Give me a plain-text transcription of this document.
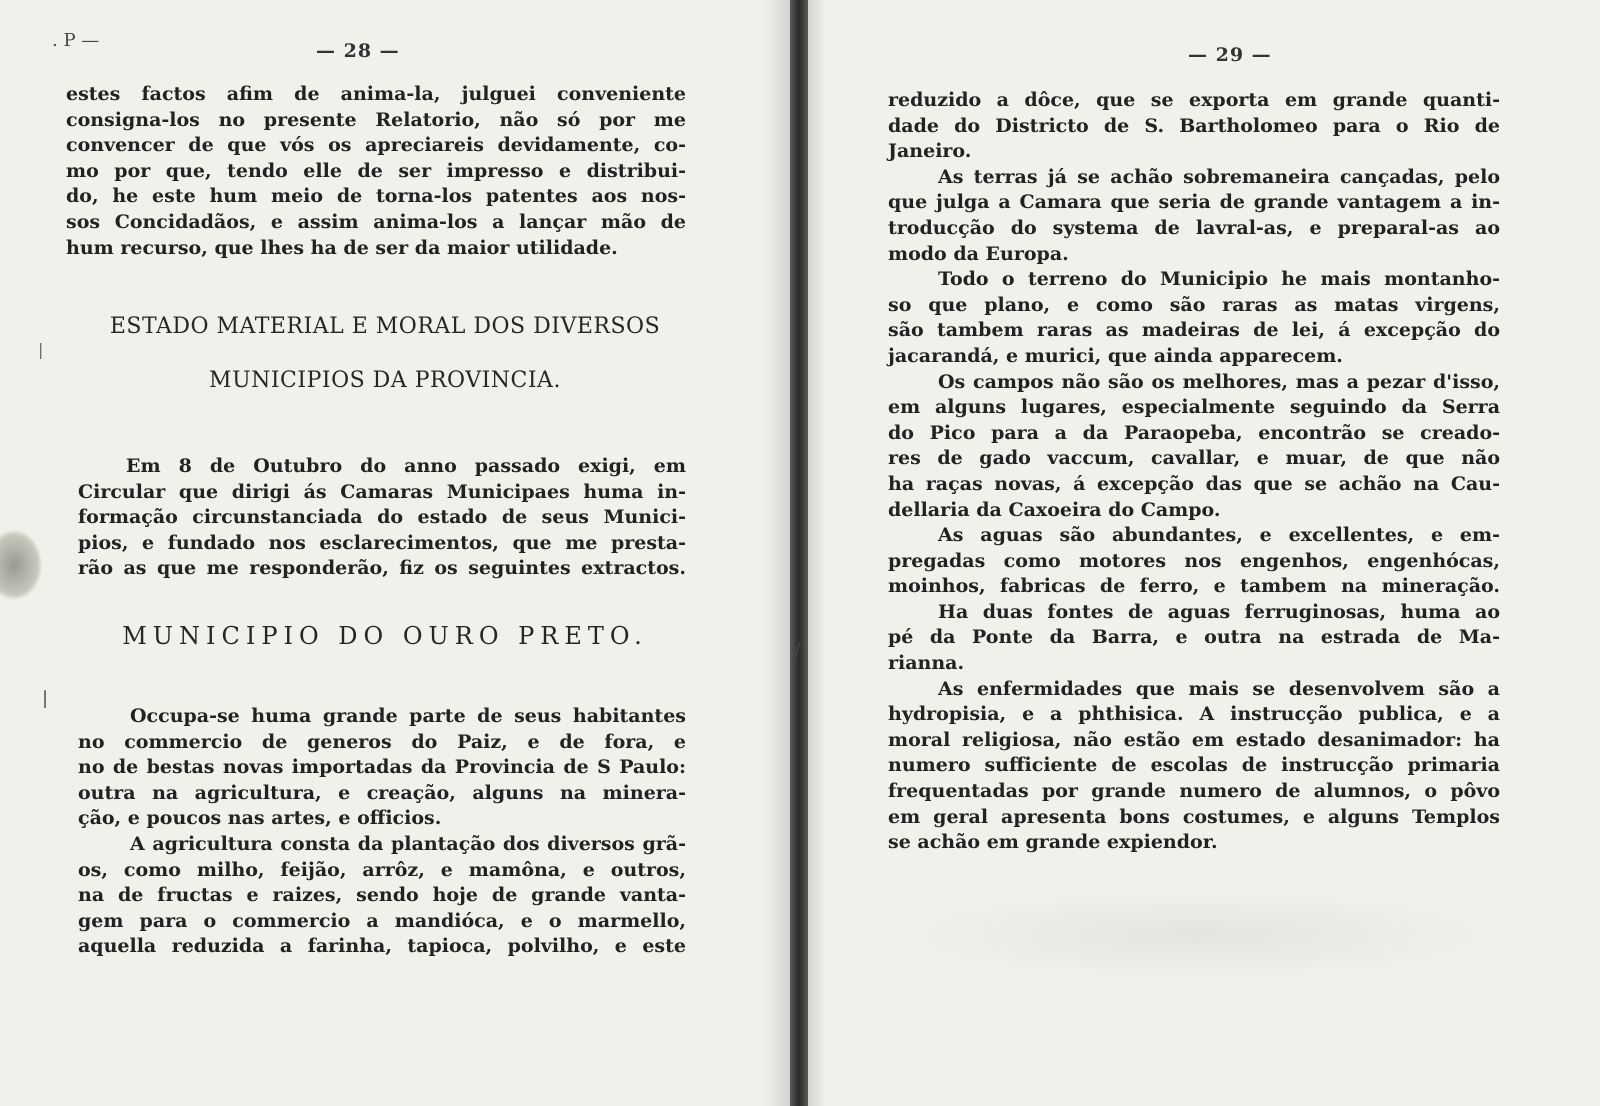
. P —	— 28 —
estes factos afim de anima-la, julguei conveniente
consigna-los no presente Relatorio, não só por me
convencer de que vós os apreciareis devidamente, co-
mo por que, tendo elle de ser impresso e distribui-
do, he este hum meio de torna-los patentes aos nos-
sos Concidadãos, e assim anima-los a lançar mão de
hum recurso, que lhes ha de ser da maior utilidade.
ESTADO MATERIAL E MORAL DOS DIVERSOS
MUNICIPIOS DA PROVINCIA.
Em 8 de Outubro do anno passado exigi, em
Circular que dirigi ás Camaras Municipaes huma in-
formação circunstanciada do estado de seus Munici-
pios, e fundado nos esclarecimentos, que me presta-
rão as que me responderão, fiz os seguintes extractos.
MUNICIPIO DO OURO PRETO.
Occupa-se huma grande parte de seus habitantes
no commercio de generos do Paiz, e de fora, e
no de bestas novas importadas da Provincia de S Paulo:
outra na agricultura, e creação, alguns na minera-
ção, e poucos nas artes, e officios.
A agricultura consta da plantação dos diversos grã-
os, como milho, feijão, arrôz, e mamôna, e outros,
na de fructas e raizes, sendo hoje de grande vanta-
gem para o commercio a mandióca, e o marmello,
aquella reduzida a farinha, tapioca, polvilho, e este
|
|
— 29 —
reduzido a dôce, que se exporta em grande quanti-
dade do Districto de S. Bartholomeo para o Rio de
Janeiro.
As terras já se achão sobremaneira cançadas, pelo
que julga a Camara que seria de grande vantagem a in-
troducção do systema de lavral-as, e preparal-as ao
modo da Europa.
Todo o terreno do Municipio he mais montanho-
so que plano, e como são raras as matas virgens,
são tambem raras as madeiras de lei, á excepção do
jacarandá, e murici, que ainda apparecem.
Os campos não são os melhores, mas a pezar d'isso,
em alguns lugares, especialmente seguindo da Serra
do Pico para a da Paraopeba, encontrão se creado-
res de gado vaccum, cavallar, e muar, de que não
ha raças novas, á excepção das que se achão na Cau-
dellaria da Caxoeira do Campo.
As aguas são abundantes, e excellentes, e em-
pregadas como motores nos engenhos, engenhócas,
moinhos, fabricas de ferro, e tambem na mineração.
Ha duas fontes de aguas ferruginosas, huma ao
pé da Ponte da Barra, e outra na estrada de Ma-
rianna.
As enfermidades que mais se desenvolvem são a
hydropisia, e a phthisica. A instrucção publica, e a
moral religiosa, não estão em estado desanimador: ha
numero sufficiente de escolas de instrucção primaria
frequentadas por grande numero de alumnos, o pôvo
em geral apresenta bons costumes, e alguns Templos
se achão em grande expiendor.
/
